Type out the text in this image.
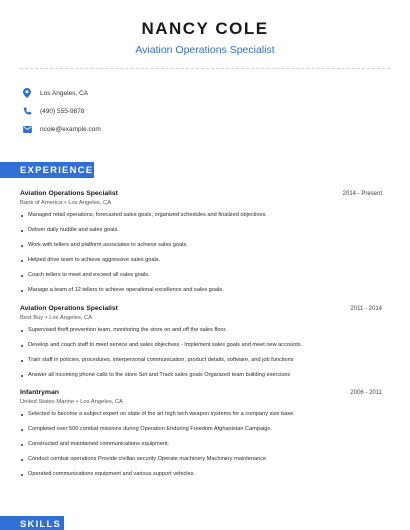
NANCY COLE
Aviation Operations Specialist
Los Angeles, CA
(490) 555-9878
ncole@example.com
EXPERIENCE
Aviation Operations Specialist	2014 - Present
Bank of America • Los Angeles, CA
Managed retail operations, forecasted sales goals, organized schedules and finalized objectives.
Deliver daily huddle and sales goals.
Work with tellers and platform associates to achieve sales goals.
Helped drive team to achieve aggressive sales goals.
Coach tellers to meet and exceed all sales goals.
Manage a team of 12 tellers to achieve operational excellence and sales goals.
Aviation Operations Specialist	2011 - 2014
Best Buy • Los Angeles, CA
Supervised theft prevention team, monitoring the store on and off the sales floor.
Develop and coach staff to meet service and sales objectives - Implement sales goals and meet new accounts.
Train staff in policies, procedures, interpersonal communication, product details, software, and job functions
Answer all incoming phone calls to the store Set and Track sales goals Organized team building exercises
Infantryman	2006 - 2011
United States Marine • Los Angeles, CA
Selected to become a subject expert on state of the art high tech weapon systems for a company size base.
Completed over 500 combat missions during Operation Enduring Freedom Afghanistan Campaign.
Constructed and maintained communications equipment.
Conduct combat operations Provide civilian security Operate machinery Machinery maintenance
Operated communications equipment and various support vehicles.
SKILLS
